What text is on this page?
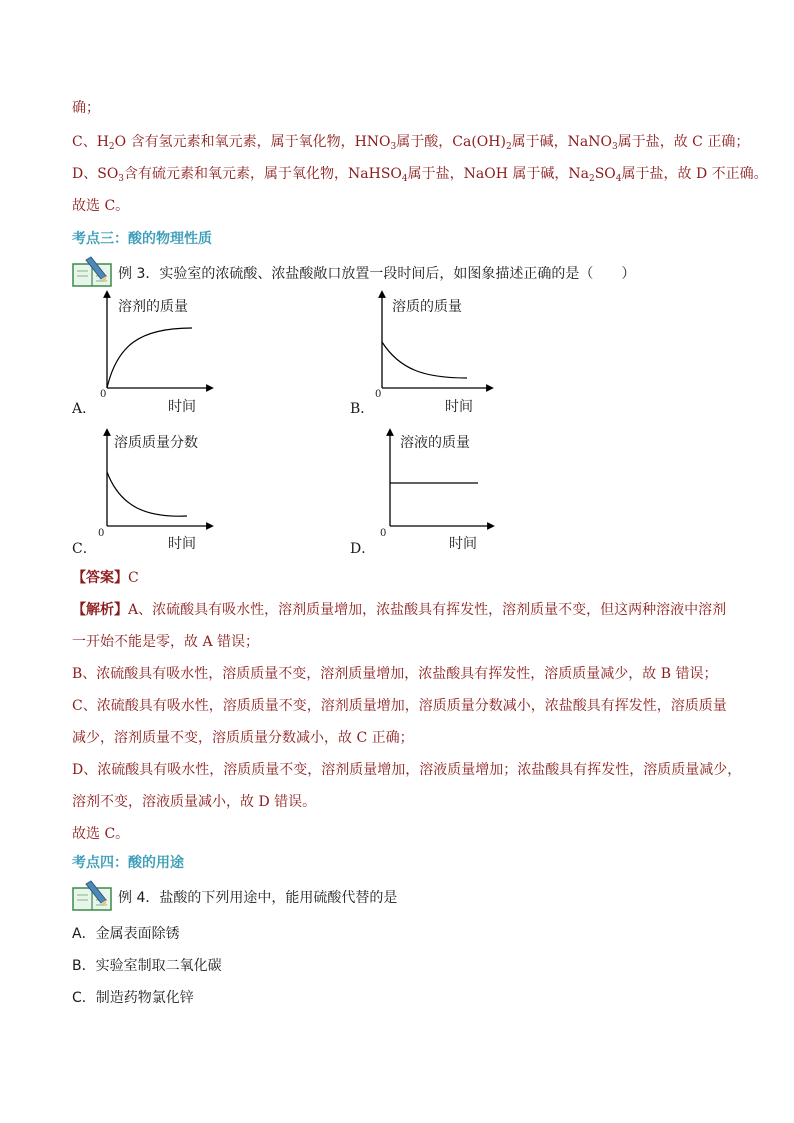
确；
C、$H_2O$ 含有氢元素和氧元素，属于氧化物，$HNO_3$属于酸，$Ca(OH)_2$属于碱，NaNO$_3$属于盐，故 C 正确；
D、$SO_3$含有硫元素和氧元素，属于氧化物，NaHSO$_4$属于盐，NaOH 属于碱，$Na_2SO_4$属于盐，故 D 不正确。
故选 C。
考点三：酸的物理性质
例 3．实验室的浓硫酸、浓盐酸敞口放置一段时间后，如图象描述正确的是（　　）
A．
溶剂的质量
0
时间	B．
溶质的质量
0
时间
C．
溶质质量分数
0
时间	D．
溶液的质量
0
时间
【答案】C
【解析】A、浓硫酸具有吸水性，溶剂质量增加，浓盐酸具有挥发性，溶剂质量不变，但这两种溶液中溶剂
一开始不能是零，故 A 错误；
B、浓硫酸具有吸水性，溶质质量不变，溶剂质量增加，浓盐酸具有挥发性，溶质质量减少，故 B 错误；
C、浓硫酸具有吸水性，溶质质量不变，溶剂质量增加，溶质质量分数减小，浓盐酸具有挥发性，溶质质量
减少，溶剂质量不变，溶质质量分数减小，故 C 正确；
D、浓硫酸具有吸水性，溶质质量不变，溶剂质量增加，溶液质量增加；浓盐酸具有挥发性，溶质质量减少，
溶剂不变，溶液质量减小，故 D 错误。
故选 C。
考点四：酸的用途
例 4．盐酸的下列用途中，能用硫酸代替的是
A．金属表面除锈
B．实验室制取二氧化碳
C．制造药物氯化锌
